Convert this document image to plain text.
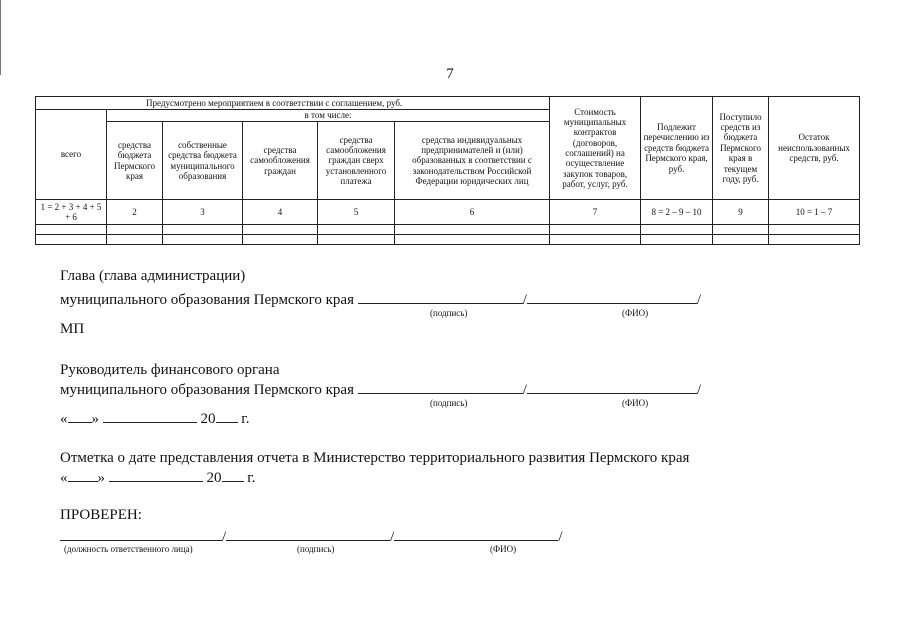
7
Предусмотрено мероприятием в соответствии с соглашением, руб.						Стоимость муниципальных контрактов (договоров, соглашений) на осуществление закупок товаров, работ, услуг, руб.	Подлежит перечислению из средств бюджета Пермского края, руб.	Поступило средств из бюджета Пермского края в текущем году, руб.	Остаток неиспользованных средств, руб.
всего	в том числе:								
	средства бюджета Пермского края	собственные средства бюджета муниципального образования	средства самообложения граждан	средства самообложения граждан сверх установленного платежа	средства индивидуальных предпринимателей и (или) образованных в соответствии с законодательством Российской Федерации юридических лиц				
1 = 2 + 3 + 4 + 5 + 6	2	3	4	5	6	7	8 = 2 – 9 – 10	9	10 = 1 – 7

Глава (глава администрации)
муниципального образования Пермского края	/	/
(подпись)	(ФИО)
МП
Руководитель финансового органа
муниципального образования Пермского края	/	/
(подпись)	(ФИО)
« »	20 г.
Отметка о дате представления отчета в Министерство территориального развития Пермского края
« »	20 г.
ПРОВЕРЕН:
/	/	/
(должность ответственного лица)	(подпись)	(ФИО)
